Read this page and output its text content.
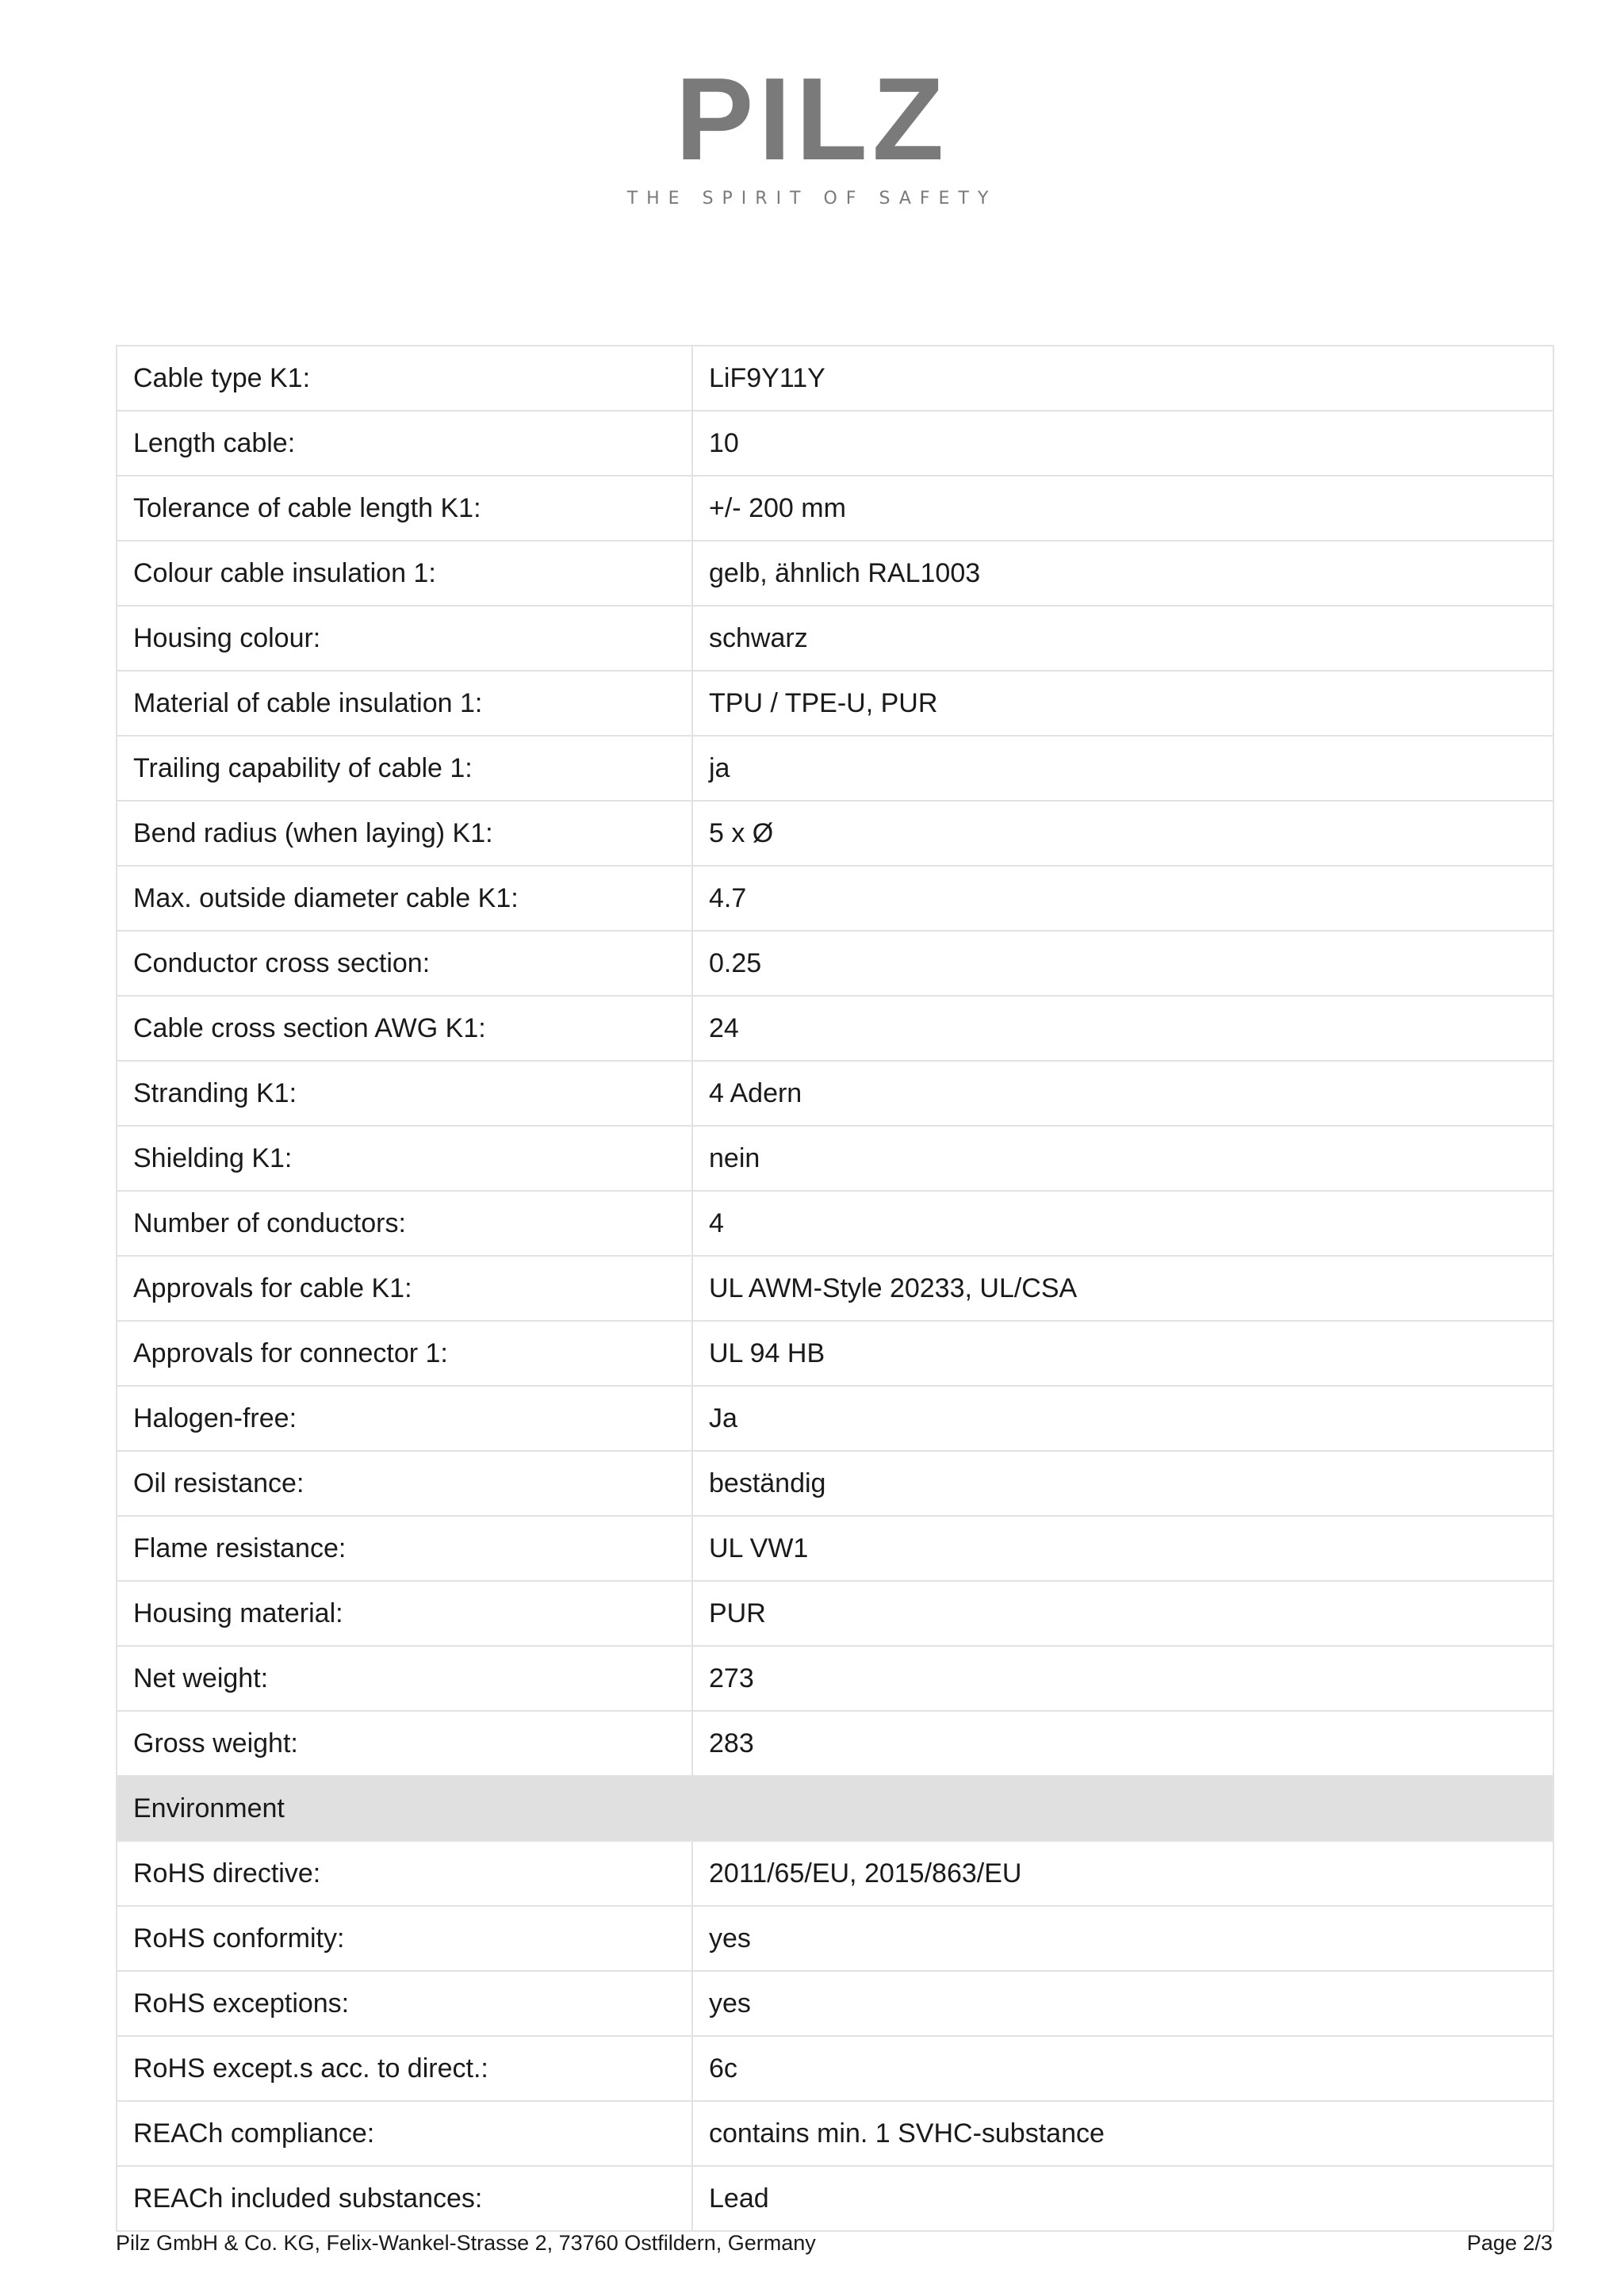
PILZ
THE SPIRIT OF SAFETY
Cable type K1:	LiF9Y11Y
Length cable:	10
Tolerance of cable length K1:	+/- 200 mm
Colour cable insulation 1:	gelb, ähnlich RAL1003
Housing colour:	schwarz
Material of cable insulation 1:	TPU / TPE-U, PUR
Trailing capability of cable 1:	ja
Bend radius (when laying) K1:	5 x Ø
Max. outside diameter cable K1:	4.7
Conductor cross section:	0.25
Cable cross section AWG K1:	24
Stranding K1:	4 Adern
Shielding K1:	nein
Number of conductors:	4
Approvals for cable K1:	UL AWM-Style 20233, UL/CSA
Approvals for connector 1:	UL 94 HB
Halogen-free:	Ja
Oil resistance:	beständig
Flame resistance:	UL VW1
Housing material:	PUR
Net weight:	273
Gross weight:	283
Environment	
RoHS directive:	2011/65/EU, 2015/863/EU
RoHS conformity:	yes
RoHS exceptions:	yes
RoHS except.s acc. to direct.:	6c
REACh compliance:	contains min. 1 SVHC-substance
REACh included substances:	Lead
Pilz GmbH & Co. KG, Felix-Wankel-Strasse 2, 73760 Ostfildern, Germany	Page 2/3
